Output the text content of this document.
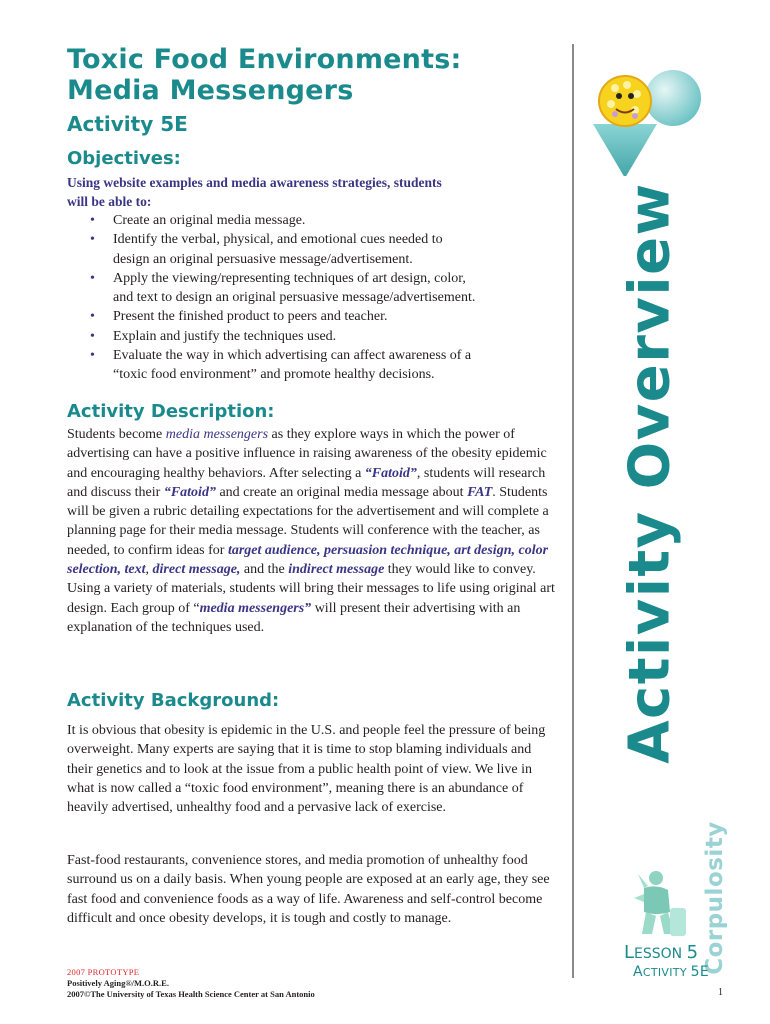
Toxic Food Environments:
Media Messengers
Activity 5E
Objectives:
Using website examples and media awareness strategies, students
will be able to:
• Create an original media message.
• Identify the verbal, physical, and emotional cues needed to
design an original persuasive message/advertisement.
• Apply the viewing/representing techniques of art design, color,
and text to design an original persuasive message/advertisement.
• Present the finished product to peers and teacher.
• Explain and justify the techniques used.
• Evaluate the way in which advertising can affect awareness of a
“toxic food environment” and promote healthy decisions.
Activity Description:

Students become media messengers as they explore ways in which the power of advertising can have a positive influence in raising awareness of the obesity epidemic and encouraging healthy behaviors. After selecting a “Fatoid”, students will research and discuss their “Fatoid” and create an original media message about FAT. Students will be given a rubric detailing expectations for the advertisement and will complete a planning page for their media message. Students will conference with the teacher, as needed, to confirm ideas for target audience, persuasion technique, art design, color selection, text, direct message, and the indirect message they would like to convey. Using a variety of materials, students will bring their messages to life using original art design. Each group of “media messengers” will present their advertising with an explanation of the techniques used.

Activity Background:

It is obvious that obesity is epidemic in the U.S. and people feel the pressure of being overweight. Many experts are saying that it is time to stop blaming individuals and their genetics and to look at the issue from a public health point of view. We live in what is now called a “toxic food environment”, meaning there is an abundance of heavily advertised, unhealthy food and a pervasive lack of exercise.

Fast-food restaurants, convenience stores, and media promotion of unhealthy food surround us on a daily basis. When young people are exposed at an early age, they see fast food and convenience foods as a way of life. Awareness and self-control become difficult and once obesity develops, it is tough and costly to manage.

Activity Overview
Corpulosity
LESSON 5
ACTIVITY 5E
2007 PROTOTYPE
Positively Aging®/M.O.R.E.
2007©The University of Texas Health Science Center at San Antonio	1
